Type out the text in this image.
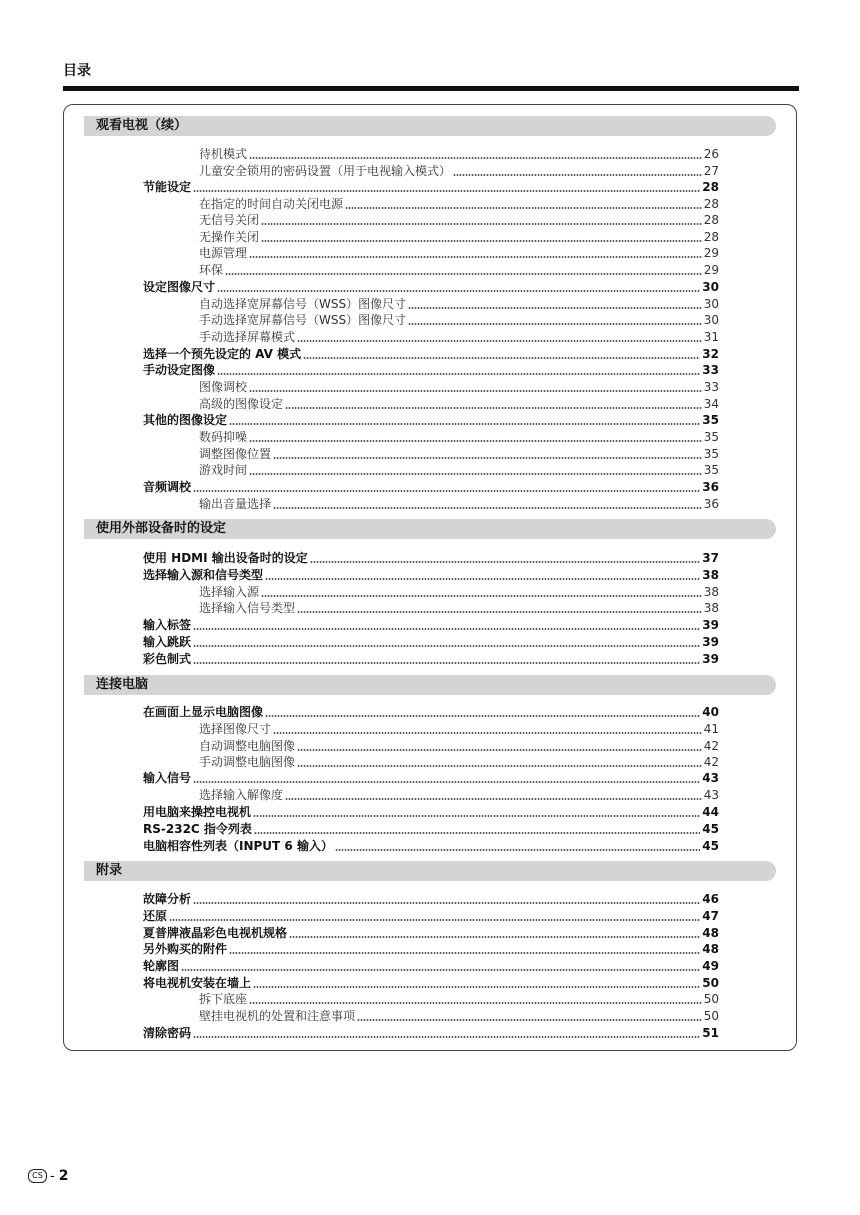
目录
观看电视（续）
待机模式	26
儿童安全锁用的密码设置（用于电视输入模式）	27
节能设定	28
在指定的时间自动关闭电源	28
无信号关闭	28
无操作关闭	28
电源管理	29
环保	29
设定图像尺寸	30
自动选择宽屏幕信号（WSS）图像尺寸	30
手动选择宽屏幕信号（WSS）图像尺寸	30
手动选择屏幕模式	31
选择一个预先设定的 AV 模式	32
手动设定图像	33
图像调校	33
高级的图像设定	34
其他的图像设定	35
数码抑噪	35
调整图像位置	35
游戏时间	35
音频调校	36
输出音量选择	36
使用外部设备时的设定
使用 HDMI 输出设备时的设定	37
选择输入源和信号类型	38
选择输入源	38
选择输入信号类型	38
输入标签	39
输入跳跃	39
彩色制式	39
连接电脑
在画面上显示电脑图像	40
选择图像尺寸	41
自动调整电脑图像	42
手动调整电脑图像	42
输入信号	43
选择输入解像度	43
用电脑来操控电视机	44
RS-232C 指令列表	45
电脑相容性列表（INPUT 6 输入）	45
附录
故障分析	46
还原	47
夏普牌液晶彩色电视机规格	48
另外购买的附件	48
轮廓图	49
将电视机安装在墙上	50
拆下底座	50
壁挂电视机的处置和注意事项	50
清除密码	51
CS - 2
